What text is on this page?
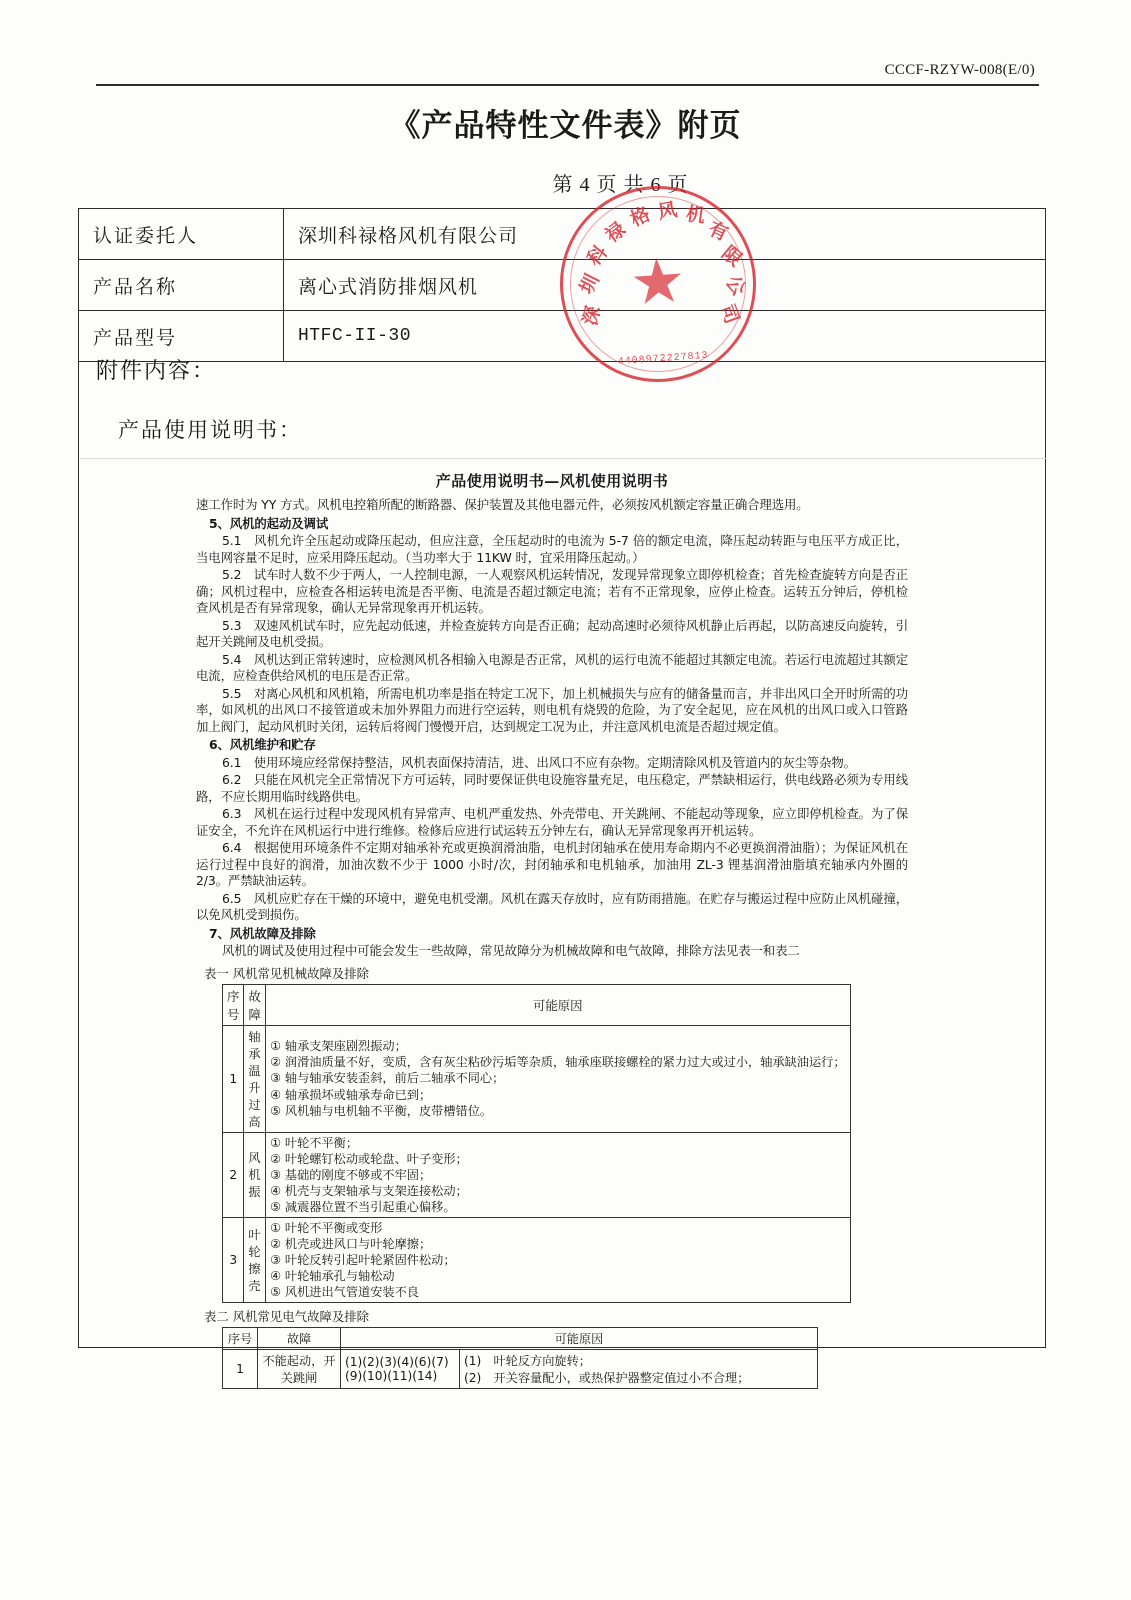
CCCF-RZYW-008(E/0)
《产品特性文件表》附页
第 4 页 共 6 页
认证委托人	深圳科禄格风机有限公司
产品名称	离心式消防排烟风机
产品型号	HTFC-II-30
附件内容：
产品使用说明书：
深
圳
科
禄
格 风 机
有
限
公
司
★
4408972227813
产品使用说明书—风机使用说明书

速工作时为 YY 方式。风机电控箱所配的断路器、保护装置及其他电器元件，必须按风机额定容量正确合理选用。

5、风机的起动及调试

5.1　风机允许全压起动或降压起动，但应注意，全压起动时的电流为 5-7 倍的额定电流，降压起动转距与电压平方成正比，当电网容量不足时，应采用降压起动。（当功率大于 11KW 时，宜采用降压起动。）

5.2　试车时人数不少于两人，一人控制电源，一人观察风机运转情况，发现异常现象立即停机检查；首先检查旋转方向是否正确；风机过程中，应检查各相运转电流是否平衡、电流是否超过额定电流；若有不正常现象，应停止检查。运转五分钟后，停机检查风机是否有异常现象，确认无异常现象再开机运转。

5.3　双速风机试车时，应先起动低速，并检查旋转方向是否正确；起动高速时必须待风机静止后再起，以防高速反向旋转，引起开关跳闸及电机受损。

5.4　风机达到正常转速时，应检测风机各相输入电源是否正常，风机的运行电流不能超过其额定电流。若运行电流超过其额定电流，应检查供给风机的电压是否正常。

5.5　对离心风机和风机箱，所需电机功率是指在特定工况下，加上机械损失与应有的储备量而言，并非出风口全开时所需的功率，如风机的出风口不接管道或未加外界阻力而进行空运转，则电机有烧毁的危险，为了安全起见，应在风机的出风口或入口管路加上阀门，起动风机时关闭，运转后将阀门慢慢开启，达到规定工况为止，并注意风机电流是否超过规定值。

6、风机维护和贮存

6.1　使用环境应经常保持整洁，风机表面保持清洁，进、出风口不应有杂物。定期清除风机及管道内的灰尘等杂物。

6.2　只能在风机完全正常情况下方可运转，同时要保证供电设施容量充足，电压稳定，严禁缺相运行，供电线路必须为专用线路，不应长期用临时线路供电。

6.3　风机在运行过程中发现风机有异常声、电机严重发热、外壳带电、开关跳闸、不能起动等现象，应立即停机检查。为了保证安全，不允许在风机运行中进行维修。检修后应进行试运转五分钟左右，确认无异常现象再开机运转。

6.4　根据使用环境条件不定期对轴承补充或更换润滑油脂，电机封闭轴承在使用寿命期内不必更换润滑油脂）；为保证风机在运行过程中良好的润滑，加油次数不少于 1000 小时/次，封闭轴承和电机轴承，加油用 ZL-3 锂基润滑油脂填充轴承内外圈的 2/3。严禁缺油运转。

6.5　风机应贮存在干燥的环境中，避免电机受潮。风机在露天存放时，应有防雨措施。在贮存与搬运过程中应防止风机碰撞，以免风机受到损伤。

7、风机故障及排除

风机的调试及使用过程中可能会发生一些故障，常见故障分为机械故障和电气故障，排除方法见表一和表二

表一 风机常见机械故障及排除
序号	故障	可能原因
1	轴承温升过高	
① 轴承支架座剧烈振动；
② 润滑油质量不好，变质，含有灰尘粘砂污垢等杂质，轴承座联接螺栓的紧力过大或过小，轴承缺油运行；
③ 轴与轴承安装歪斜，前后二轴承不同心；
④ 轴承损坏或轴承寿命已到；
⑤ 风机轴与电机轴不平衡，皮带槽错位。

2	风机振	
① 叶轮不平衡；
② 叶轮螺钉松动或轮盘、叶子变形；
③ 基础的刚度不够或不牢固；
④ 机壳与支架轴承与支架连接松动；
⑤ 减震器位置不当引起重心偏移。

3	叶轮擦壳	
① 叶轮不平衡或变形
② 机壳或进风口与叶轮摩擦；
③ 叶轮反转引起叶轮紧固件松动；
④ 叶轮轴承孔与轴松动
⑤ 风机进出气管道安装不良
表二 风机常见电气故障及排除
序号	故障	可能原因	
1	不能起动，开关跳闸	(1)(2)(3)(4)(6)(7)(9)(10)(11)(14)	
(1)　叶轮反方向旋转；
(2)　开关容量配小，或热保护器整定值过小不合理；
